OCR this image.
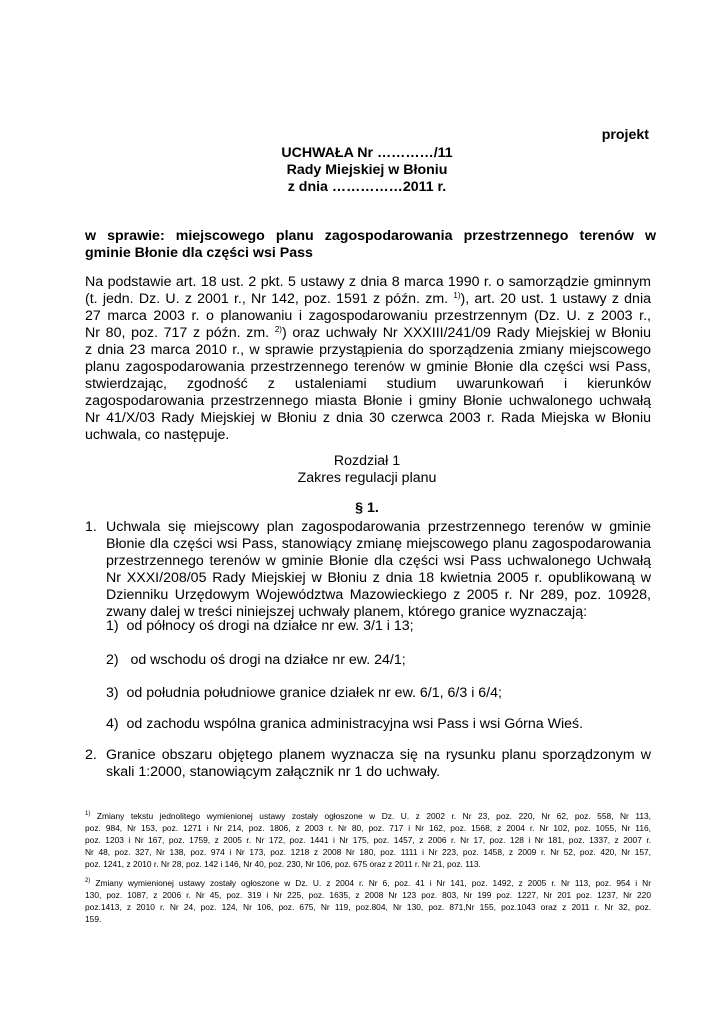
projekt
UCHWAŁA Nr …………/11
Rady Miejskiej w Błoniu
z dnia ……………2011 r.
w sprawie: miejscowego planu zagospodarowania przestrzennego terenów w
gminie Błonie dla części wsi Pass
Na podstawie art. 18 ust. 2 pkt. 5 ustawy z dnia 8 marca 1990 r. o samorządzie gminnym
(t. jedn. Dz. U. z 2001 r., Nr 142, poz. 1591 z późn. zm. $^{1)}$), art. 20 ust. 1 ustawy z dnia
27 marca 2003 r. o planowaniu i zagospodarowaniu przestrzennym (Dz. U. z 2003 r.,
Nr 80, poz. 717 z późn. zm. $^{2)}$) oraz uchwały Nr XXXIII/241/09 Rady Miejskiej w Błoniu
z dnia 23 marca 2010 r., w sprawie przystąpienia do sporządzenia zmiany miejscowego
planu zagospodarowania przestrzennego terenów w gminie Błonie dla części wsi Pass,
stwierdzając, zgodność z ustaleniami studium uwarunkowań i kierunków
zagospodarowania przestrzennego miasta Błonie i gminy Błonie uchwalonego uchwałą
Nr 41/X/03 Rady Miejskiej w Błoniu z dnia 30 czerwca 2003 r. Rada Miejska w Błoniu
uchwala, co następuje.
Rozdział 1
Zakres regulacji planu
§ 1.
1. Uchwala się miejscowy plan zagospodarowania przestrzennego terenów w gminie
Błonie dla części wsi Pass, stanowiący zmianę miejscowego planu zagospodarowania
przestrzennego terenów w gminie Błonie dla części wsi Pass uchwalonego Uchwałą
Nr XXXI/208/05 Rady Miejskiej w Błoniu z dnia 18 kwietnia 2005 r. opublikowaną w
Dzienniku Urzędowym Województwa Mazowieckiego z 2005 r. Nr 289, poz. 10928,
zwany dalej w treści niniejszej uchwały planem, którego granice wyznaczają:
1) od północy oś drogi na działce nr ew. 3/1 i 13;
2) od wschodu oś drogi na działce nr ew. 24/1;
3) od południa południowe granice działek nr ew. 6/1, 6/3 i 6/4;
4) od zachodu wspólna granica administracyjna wsi Pass i wsi Górna Wieś.
2. Granice obszaru objętego planem wyznacza się na rysunku planu sporządzonym w
skali 1:2000, stanowiącym załącznik nr 1 do uchwały.
$^{1)}$ Zmiany tekstu jednolitego wymienionej ustawy zostały ogłoszone w Dz. U. z 2002 r. Nr 23, poz. 220, Nr 62, poz. 558, Nr 113,
poz. 984, Nr 153, poz. 1271 i Nr 214, poz. 1806, z 2003 r. Nr 80, poz. 717 i Nr 162, poz. 1568, z 2004 r. Nr 102, poz. 1055, Nr 116,
poz. 1203 i Nr 167, poz. 1759, z 2005 r. Nr 172, poz. 1441 i Nr 175, poz. 1457, z 2006 r. Nr 17, poz. 128 i Nr 181, poz. 1337, z 2007 r.
Nr 48, poz. 327, Nr 138, poz. 974 i Nr 173, poz. 1218 z 2008 Nr 180, poz. 1111 i Nr 223, poz. 1458, z 2009 r. Nr 52, poz. 420, Nr 157,
poz. 1241, z 2010 r. Nr 28, poz. 142 i 146, Nr 40, poz. 230, Nr 106, poz. 675 oraz z 2011 r. Nr 21, poz. 113.
$^{2)}$ Zmiany wymienionej ustawy zostały ogłoszone w Dz. U. z 2004 r. Nr 6, poz. 41 i Nr 141, poz. 1492, z 2005 r. Nr 113, poz. 954 i Nr
130, poz. 1087, z 2006 r. Nr 45, poz. 319 i Nr 225, poz. 1635, z 2008 Nr 123 poz. 803, Nr 199 poz. 1227, Nr 201 poz. 1237, Nr 220
poz.1413, z 2010 r. Nr 24, poz. 124, Nr 106, poz. 675, Nr 119, poz.804, Nr 130, poz. 871,Nr 155, poz.1043 oraz z 2011 r. Nr 32, poz.
159.
